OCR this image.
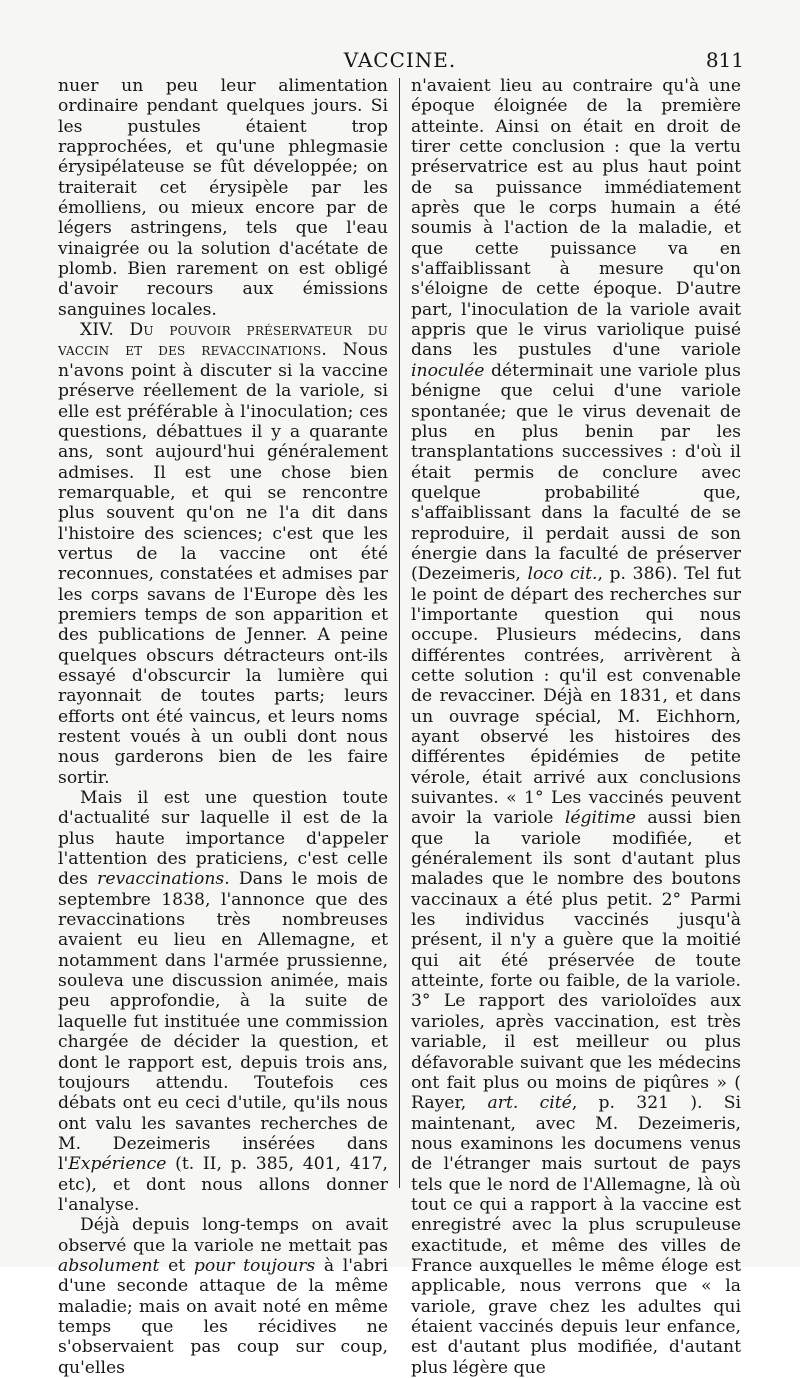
VACCINE.	811

nuer un peu leur alimentation ordinaire pendant quelques jours. Si les pustules étaient trop rapprochées, et qu'une phlegmasie érysipélateuse se fût développée; on traiterait cet érysipèle par les émolliens, ou mieux encore par de légers astringens, tels que l'eau vinaigrée ou la solution d'acétate de plomb. Bien rarement on est obligé d'avoir recours aux émissions sanguines locales.

XIV. Du pouvoir préservateur du vaccin et des revaccinations. Nous n'avons point à discuter si la vaccine préserve réellement de la variole, si elle est préférable à l'inoculation; ces questions, débattues il y a quarante ans, sont aujourd'hui généralement admises. Il est une chose bien remarquable, et qui se rencontre plus souvent qu'on ne l'a dit dans l'histoire des sciences; c'est que les vertus de la vaccine ont été reconnues, constatées et admises par les corps savans de l'Europe dès les premiers temps de son apparition et des publications de Jenner. A peine quelques obscurs détracteurs ont-ils essayé d'obscurcir la lumière qui rayonnait de toutes parts; leurs efforts ont été vaincus, et leurs noms restent voués à un oubli dont nous nous garderons bien de les faire sortir.

Mais il est une question toute d'actualité sur laquelle il est de la plus haute importance d'appeler l'attention des praticiens, c'est celle des revaccinations. Dans le mois de septembre 1838, l'annonce que des revaccinations très nombreuses avaient eu lieu en Allemagne, et notamment dans l'armée prussienne, souleva une discussion animée, mais peu approfondie, à la suite de laquelle fut instituée une commission chargée de décider la question, et dont le rapport est, depuis trois ans, toujours attendu. Toutefois ces débats ont eu ceci d'utile, qu'ils nous ont valu les savantes recherches de M. Dezeimeris insérées dans l'Expérience (t. II, p. 385, 401, 417, etc), et dont nous allons donner l'analyse.

Déjà depuis long-temps on avait observé que la variole ne mettait pas absolument et pour toujours à l'abri d'une seconde attaque de la même maladie; mais on avait noté en même temps que les récidives ne s'observaient pas coup sur coup, qu'elles

n'avaient lieu au contraire qu'à une époque éloignée de la première atteinte. Ainsi on était en droit de tirer cette conclusion : que la vertu préservatrice est au plus haut point de sa puissance immédiatement après que le corps humain a été soumis à l'action de la maladie, et que cette puissance va en s'affaiblissant à mesure qu'on s'éloigne de cette époque. D'autre part, l'inoculation de la variole avait appris que le virus variolique puisé dans les pustules d'une variole inoculée déterminait une variole plus bénigne que celui d'une variole spontanée; que le virus devenait de plus en plus benin par les transplantations successives : d'où il était permis de conclure avec quelque probabilité que, s'affaiblissant dans la faculté de se reproduire, il perdait aussi de son énergie dans la faculté de préserver (Dezeimeris, loco cit., p. 386). Tel fut le point de départ des recherches sur l'importante question qui nous occupe. Plusieurs médecins, dans différentes contrées, arrivèrent à cette solution : qu'il est convenable de revacciner. Déjà en 1831, et dans un ouvrage spécial, M. Eichhorn, ayant observé les histoires des différentes épidémies de petite vérole, était arrivé aux conclusions suivantes. « 1° Les vaccinés peuvent avoir la variole légitime aussi bien que la variole modifiée, et généralement ils sont d'autant plus malades que le nombre des boutons vaccinaux a été plus petit. 2° Parmi les individus vaccinés jusqu'à présent, il n'y a guère que la moitié qui ait été préservée de toute atteinte, forte ou faible, de la variole. 3° Le rapport des varioloïdes aux varioles, après vaccination, est très variable, il est meilleur ou plus défavorable suivant que les médecins ont fait plus ou moins de piqûres » ( Rayer, art. cité, p. 321 ). Si maintenant, avec M. Dezeimeris, nous examinons les documens venus de l'étranger mais surtout de pays tels que le nord de l'Allemagne, là où tout ce qui a rapport à la vaccine est enregistré avec la plus scrupuleuse exactitude, et même des villes de France auxquelles le même éloge est applicable, nous verrons que « la variole, grave chez les adultes qui étaient vaccinés depuis leur enfance, est d'autant plus modifiée, d'autant plus légère que
